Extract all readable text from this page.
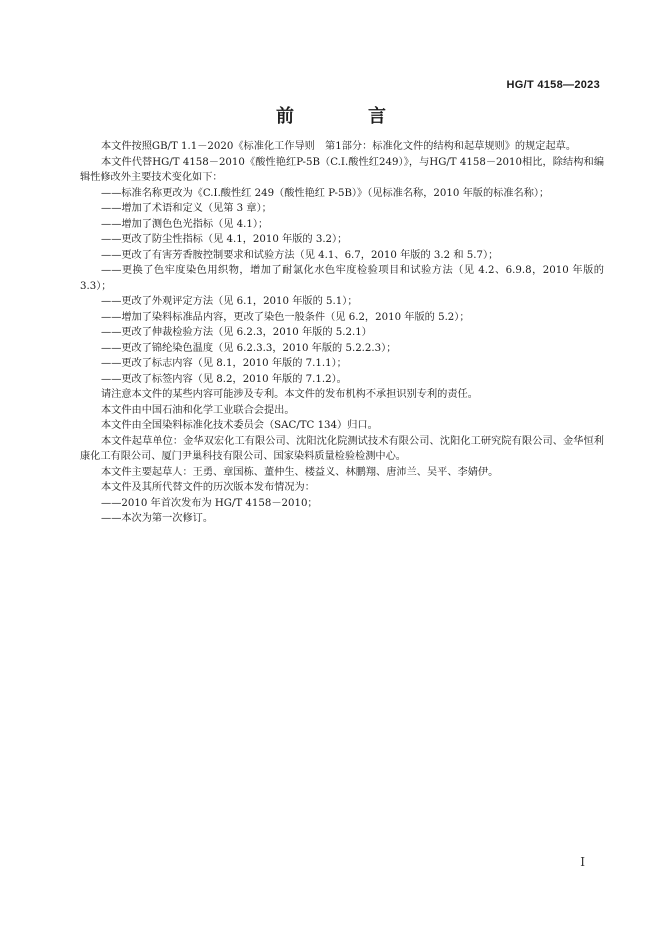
HG/T 4158—2023
前　言

本文件按照GB/T 1.1－2020《标准化工作导则　第1部分：标准化文件的结构和起草规则》的规定起草。

本文件代替HG/T 4158－2010《酸性艳红P-5B（C.I.酸性红249）》，与HG/T 4158－2010相比，除结构和编辑性修改外主要技术变化如下：

——标准名称更改为《C.I.酸性红 249（酸性艳红 P-5B）》（见标准名称，2010 年版的标准名称）；

——增加了术语和定义（见第 3 章）；

——增加了测色色光指标（见 4.1）；

——更改了防尘性指标（见 4.1，2010 年版的 3.2）；

——更改了有害芳香胺控制要求和试验方法（见 4.1、6.7，2010 年版的 3.2 和 5.7）；

——更换了色牢度染色用织物，增加了耐氯化水色牢度检验项目和试验方法（见 4.2、6.9.8，2010 年版的 3.3）；

——更改了外观评定方法（见 6.1，2010 年版的 5.1）；

——增加了染料标准品内容，更改了染色一般条件（见 6.2，2010 年版的 5.2）；

——更改了伸裁检验方法（见 6.2.3，2010 年版的 5.2.1）

——更改了锦纶染色温度（见 6.2.3.3，2010 年版的 5.2.2.3）；

——更改了标志内容（见 8.1，2010 年版的 7.1.1）；

——更改了标签内容（见 8.2，2010 年版的 7.1.2）。

请注意本文件的某些内容可能涉及专利。本文件的发布机构不承担识别专利的责任。

本文件由中国石油和化学工业联合会提出。

本文件由全国染料标准化技术委员会（SAC/TC 134）归口。

本文件起草单位：金华双宏化工有限公司、沈阳沈化院测试技术有限公司、沈阳化工研究院有限公司、金华恒利康化工有限公司、厦门尹巢科技有限公司、国家染料质量检验检测中心。

本文件主要起草人：王勇、章国栋、董仲生、楼益义、林鹏翔、唐沛兰、吴平、李婧伊。

本文件及其所代替文件的历次版本发布情况为：

——2010 年首次发布为 HG/T 4158－2010；

——本次为第一次修订。

I
